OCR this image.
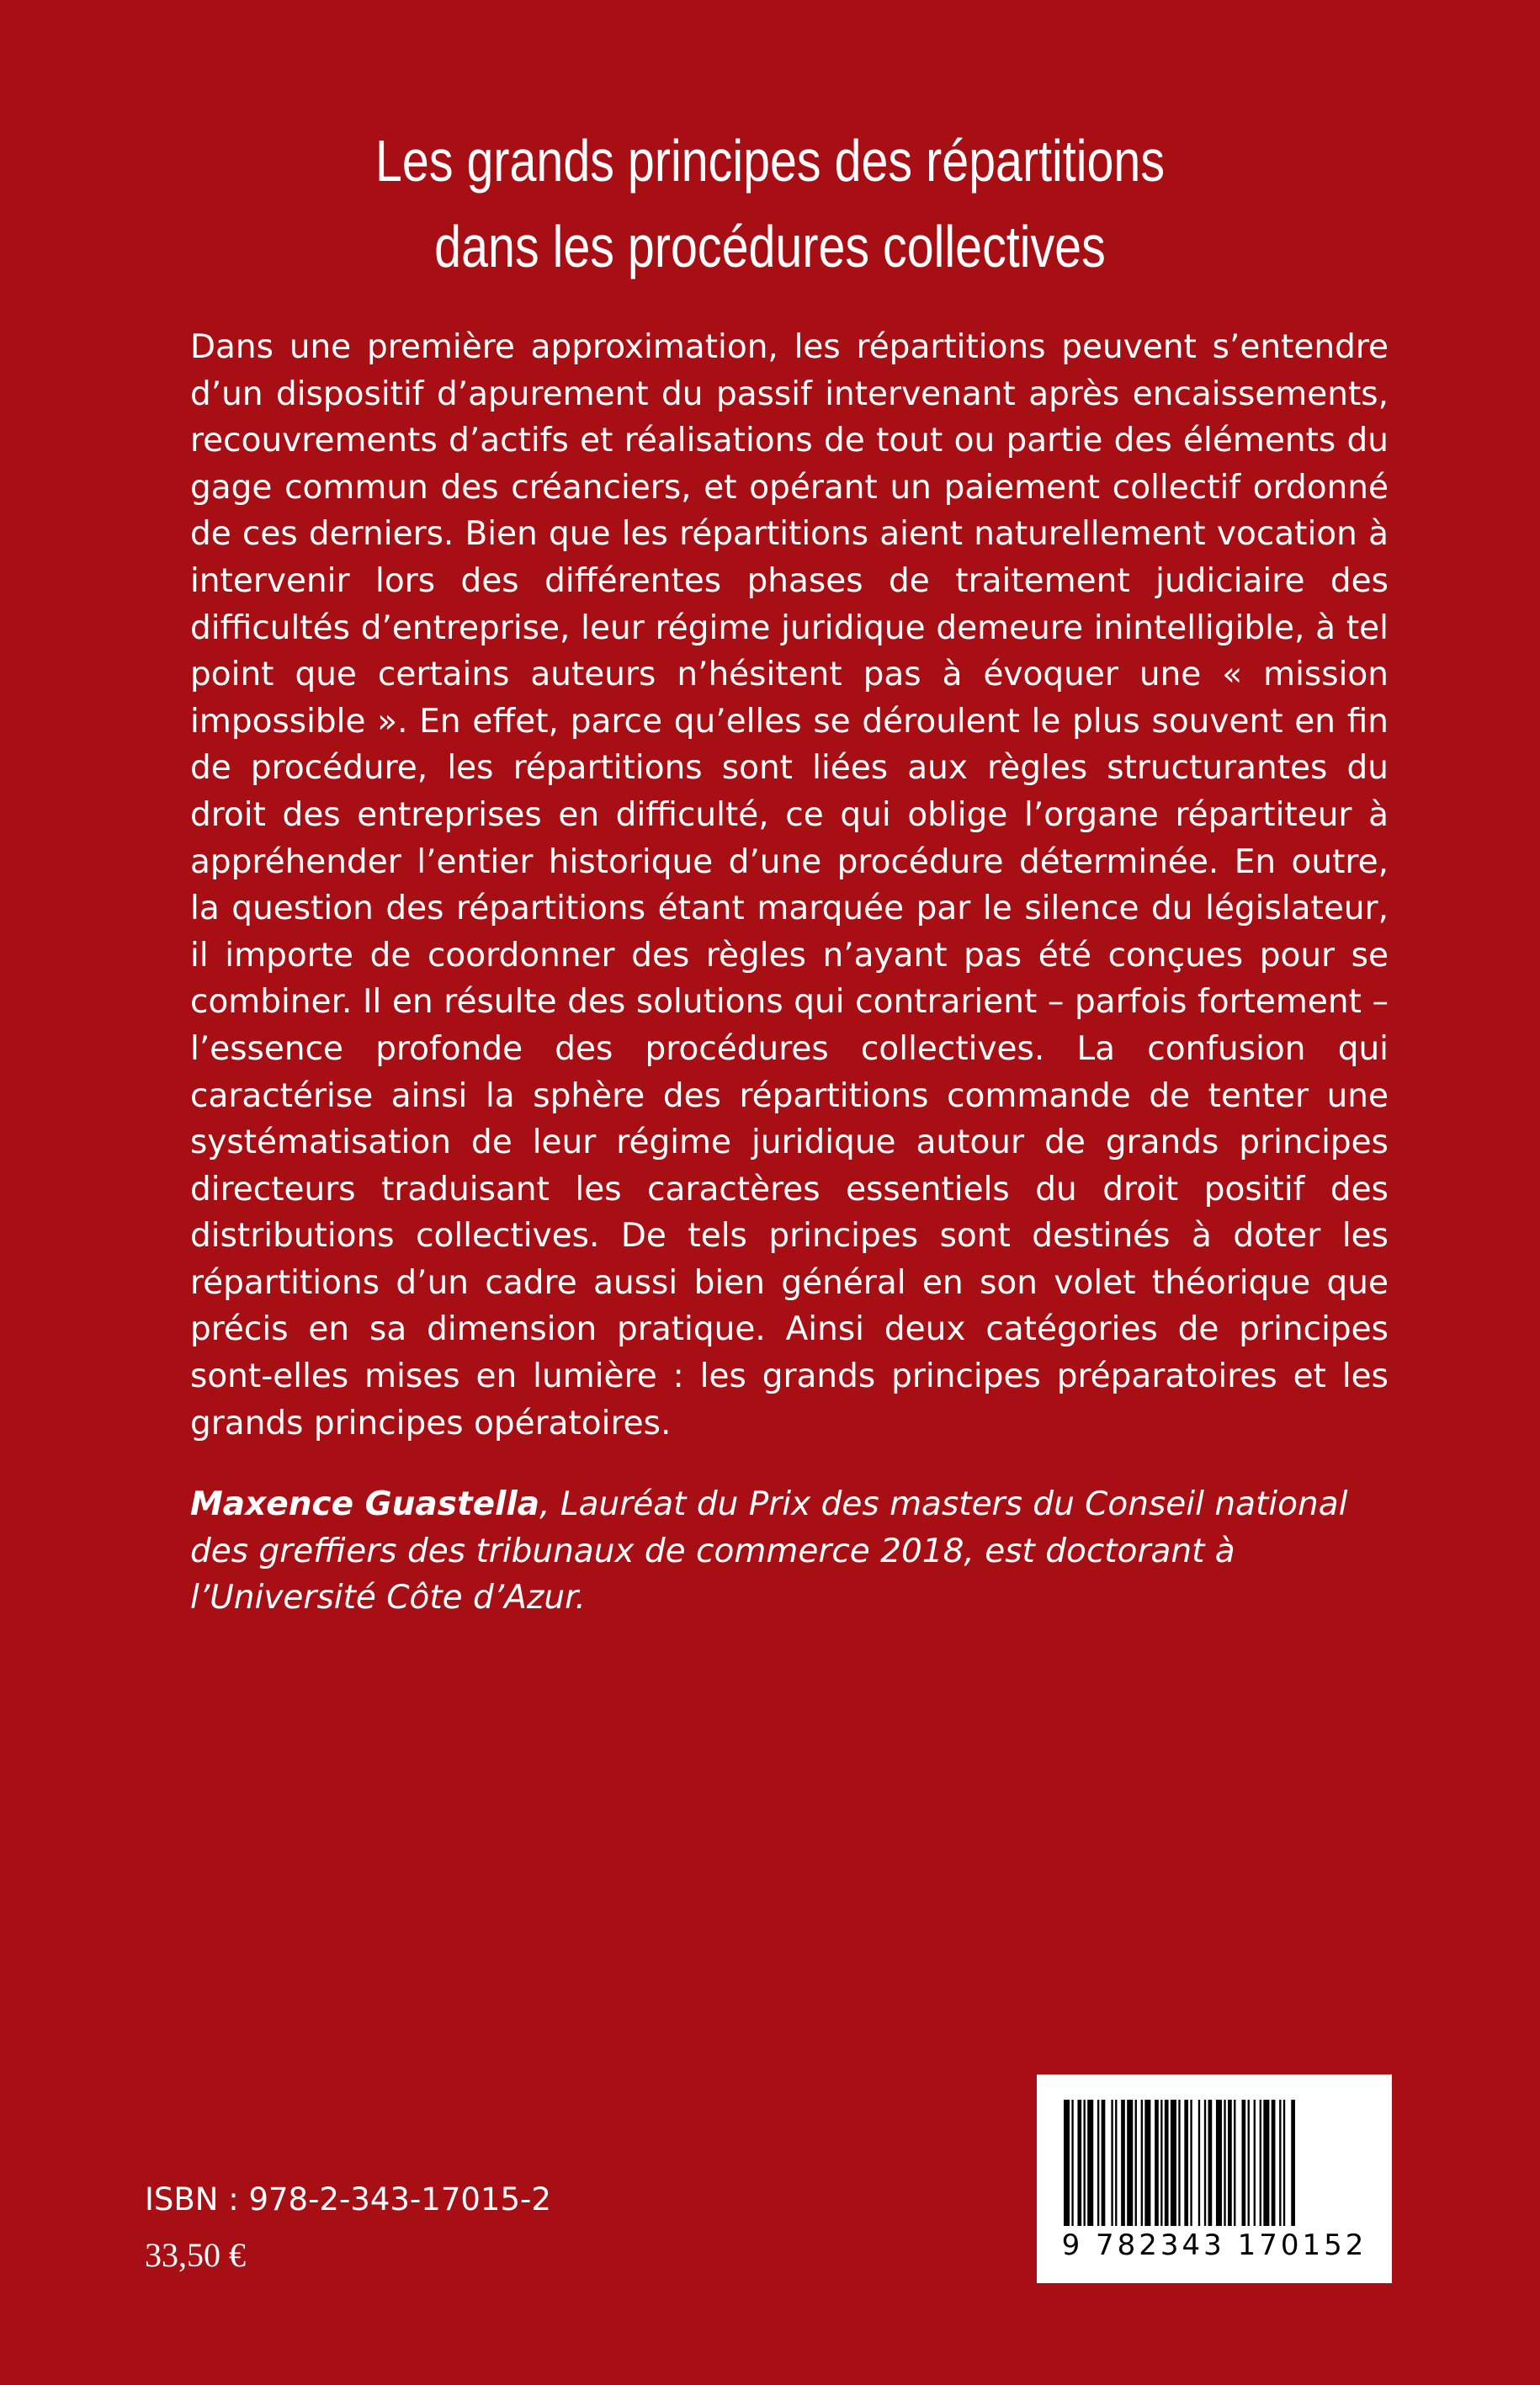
Les grands principes des répartitions
dans les procédures collectives

Dans une première approximation, les répartitions peuvent s’entendre d’un dispositif d’apurement du passif intervenant après encaissements, recouvrements d’actifs et réalisations de tout ou partie des éléments du gage commun des créanciers, et opérant un paiement collectif ordonné de ces derniers. Bien que les répartitions aient naturellement vocation à intervenir lors des différentes phases de traitement judiciaire des difficultés d’entreprise, leur régime juridique demeure inintelligible, à tel point que certains auteurs n’hésitent pas à évoquer une « mission impossible ». En effet, parce qu’elles se déroulent le plus souvent en fin de procédure, les répartitions sont liées aux règles structurantes du droit des entreprises en difficulté, ce qui oblige l’organe répartiteur à appréhender l’entier historique d’une procédure déterminée. En outre, la question des répartitions étant marquée par le silence du législateur, il importe de coordonner des règles n’ayant pas été conçues pour se combiner. Il en résulte des solutions qui contrarient – parfois fortement – l’essence profonde des procédures collectives. La confusion qui caractérise ainsi la sphère des répartitions commande de tenter une systématisation de leur régime juridique autour de grands principes directeurs traduisant les caractères essentiels du droit positif des distributions collectives. De tels principes sont destinés à doter les répartitions d’un cadre aussi bien général en son volet théorique que précis en sa dimension pratique. Ainsi deux catégories de principes sont-elles mises en lumière : les grands principes préparatoires et les grands principes opératoires.

Maxence Guastella, Lauréat du Prix des masters du Conseil national des greffiers des tribunaux de commerce 2018, est doctorant à l’Université Côte d’Azur.

ISBN : 978-2-343-17015-2
33,50 €	9 782343 170152
